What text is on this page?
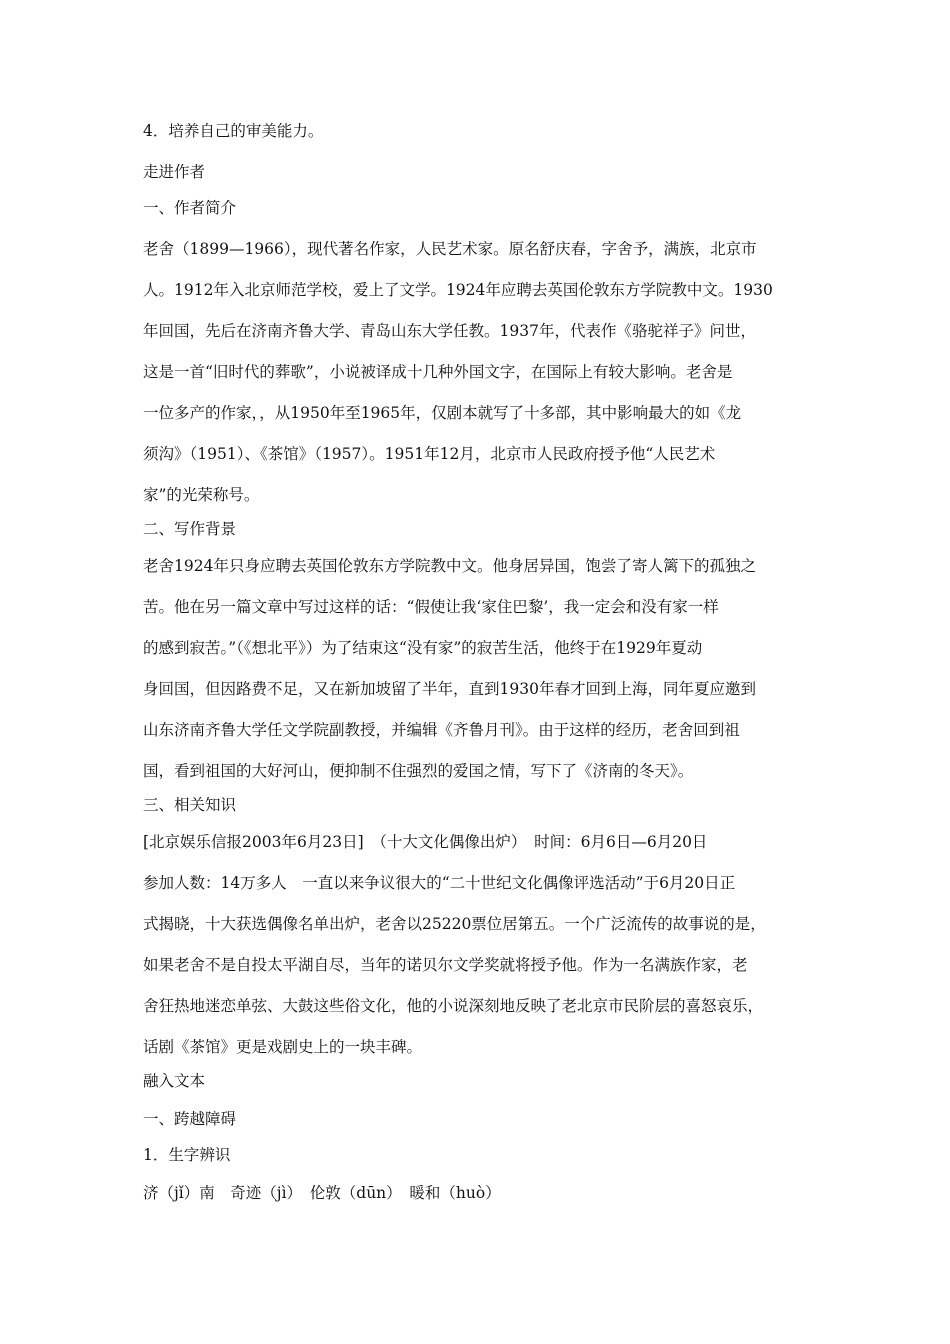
4．培养自己的审美能力。

走进作者

一、作者简介

老舍（1899—1966），现代著名作家，人民艺术家。原名舒庆春，字舍予，满族，北京市

人。1912年入北京师范学校，爱上了文学。1924年应聘去英国伦敦东方学院教中文。1930

年回国，先后在济南齐鲁大学、青岛山东大学任教。1937年，代表作《骆驼祥子》问世，

这是一首“旧时代的葬歌”，小说被译成十几种外国文字，在国际上有较大影响。老舍是

一位多产的作家，，从1950年至1965年，仅剧本就写了十多部，其中影响最大的如《龙

须沟》（1951）、《茶馆》（1957）。1951年12月，北京市人民政府授予他“人民艺术

家”的光荣称号。

二、写作背景

老舍1924年只身应聘去英国伦敦东方学院教中文。他身居异国，饱尝了寄人篱下的孤独之

苦。他在另一篇文章中写过这样的话：“假使让我‘家住巴黎’，我一定会和没有家一样

的感到寂苦。”（《想北平》）为了结束这“没有家”的寂苦生活，他终于在1929年夏动

身回国，但因路费不足，又在新加坡留了半年，直到1930年春才回到上海，同年夏应邀到

山东济南齐鲁大学任文学院副教授，并编辑《齐鲁月刊》。由于这样的经历，老舍回到祖

国，看到祖国的大好河山，便抑制不住强烈的爱国之情，写下了《济南的冬天》。

三、相关知识

[北京娱乐信报2003年6月23日]　（十大文化偶像出炉）　时间：6月6日—6月20日

参加人数：14万多人　一直以来争议很大的“二十世纪文化偶像评选活动”于6月20日正

式揭晓，十大获选偶像名单出炉，老舍以25220票位居第五。一个广泛流传的故事说的是，

如果老舍不是自投太平湖自尽，当年的诺贝尔文学奖就将授予他。作为一名满族作家，老

舍狂热地迷恋单弦、大鼓这些俗文化，他的小说深刻地反映了老北京市民阶层的喜怒哀乐，

话剧《茶馆》更是戏剧史上的一块丰碑。

融入文本

一、跨越障碍

1．生字辨识

济（jǐ）南　奇迹（jì）　伦敦（dūn）　暖和（huò）
